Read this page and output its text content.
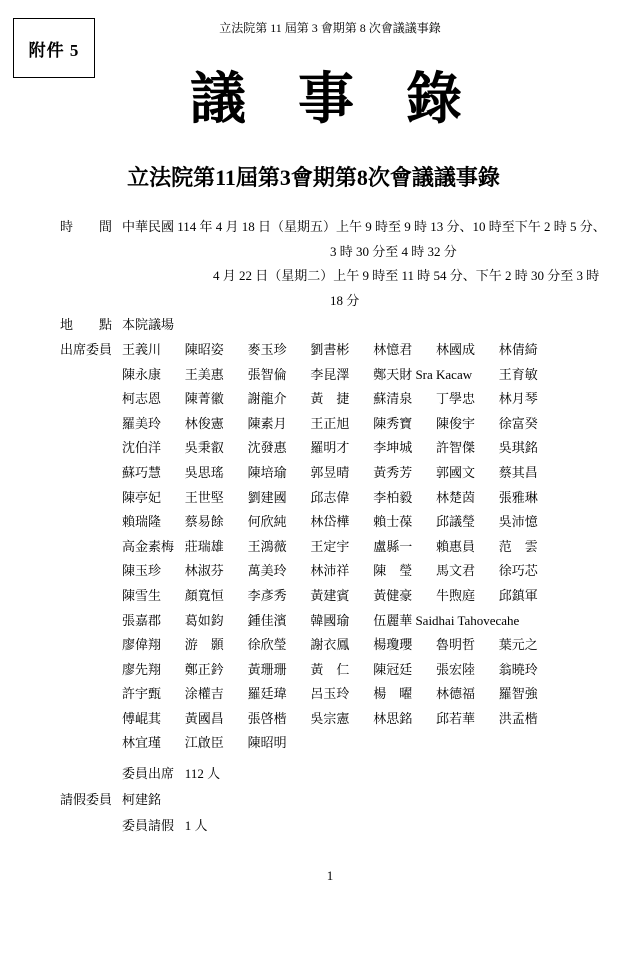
立法院第 11 屆第 3 會期第 8 次會議議事錄
附件 5
議 事 錄
立法院第11屆第3會期第8次會議議事錄
時　　間 中華民國 114 年 4 月 18 日（星期五）上午 9 時至 9 時 13 分、10 時至下午 2 時 5 分、
3 時 30 分至 4 時 32 分
4 月 22 日（星期二）上午 9 時至 11 時 54 分、下午 2 時 30 分至 3 時
18 分
地　　點 本院議場
出席委員 王義川	陳昭姿	麥玉珍	劉書彬	林憶君	林國成	林倩綺
陳永康	王美惠	張智倫	李昆澤	鄭天財 Sra Kacaw	王育敏
柯志恩	陳菁徽	謝龍介	黃　捷	蘇清泉	丁學忠	林月琴
羅美玲	林俊憲	陳素月	王正旭	陳秀寶	陳俊宇	徐富癸
沈伯洋	吳秉叡	沈發惠	羅明才	李坤城	許智傑	吳琪銘
蘇巧慧	吳思瑤	陳培瑜	郭昱晴	黃秀芳	郭國文	蔡其昌
陳亭妃	王世堅	劉建國	邱志偉	李柏毅	林楚茵	張雅琳
賴瑞隆	蔡易餘	何欣純	林岱樺	賴士葆	邱議瑩	吳沛憶
高金素梅 莊瑞雄	王鴻薇	王定宇	盧縣一	賴惠員	范　雲
陳玉珍	林淑芬	萬美玲	林沛祥	陳　瑩	馬文君	徐巧芯
陳雪生	顏寬恒	李彥秀	黃建賓	黃健豪	牛煦庭	邱鎮軍
張嘉郡	葛如鈞	鍾佳濱	韓國瑜	伍麗華 Saidhai Tahovecahe
廖偉翔	游　顥	徐欣瑩	謝衣鳳	楊瓊瓔	魯明哲	葉元之
廖先翔	鄭正鈐	黃珊珊	黃　仁	陳冠廷	張宏陸	翁曉玲
許宇甄	涂權吉	羅廷瑋	呂玉玲	楊　曜	林德福	羅智強
傅崐萁	黃國昌	張啓楷	吳宗憲	林思銘	邱若華	洪孟楷
林宜瑾	江啟臣	陳昭明
委員出席 112 人
請假委員 柯建銘
委員請假 1 人
1
